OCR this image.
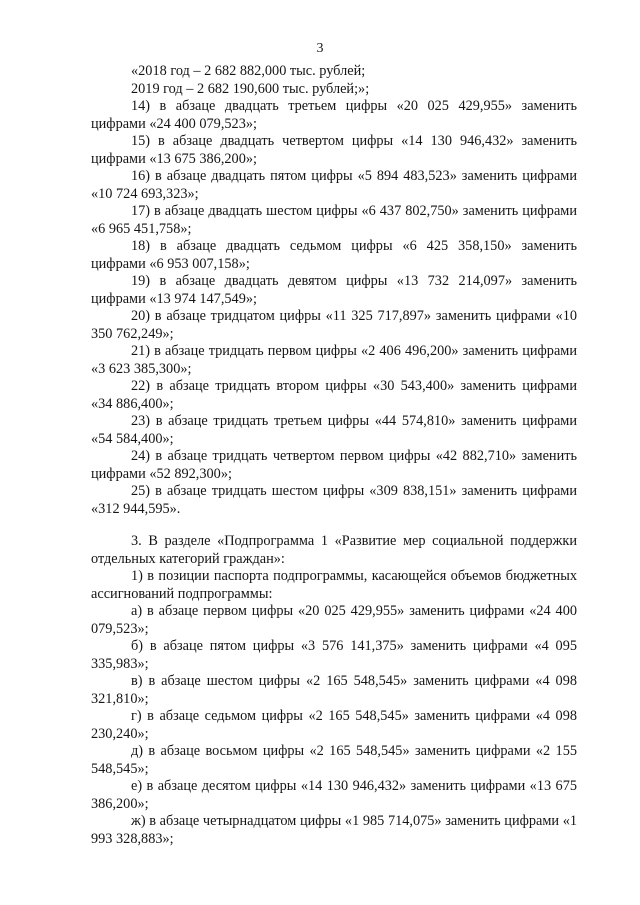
3

«2018 год – 2 682 882,000 тыс. рублей;

2019 год – 2 682 190,600 тыс. рублей;»;

14) в абзаце двадцать третьем цифры «20 025 429,955» заменить цифрами «24 400 079,523»;

15) в абзаце двадцать четвертом цифры «14 130 946,432» заменить цифрами «13 675 386,200»;

16) в абзаце двадцать пятом цифры «5 894 483,523» заменить цифрами «10 724 693,323»;

17) в абзаце двадцать шестом цифры «6 437 802,750» заменить цифрами «6 965 451,758»;

18) в абзаце двадцать седьмом цифры «6 425 358,150» заменить цифрами «6 953 007,158»;

19) в абзаце двадцать девятом цифры «13 732 214,097» заменить цифрами «13 974 147,549»;

20) в абзаце тридцатом цифры «11 325 717,897» заменить цифрами «10 350 762,249»;

21) в абзаце тридцать первом цифры «2 406 496,200» заменить цифрами «3 623 385,300»;

22) в абзаце тридцать втором цифры «30 543,400» заменить цифрами «34 886,400»;

23) в абзаце тридцать третьем цифры «44 574,810» заменить цифрами «54 584,400»;

24) в абзаце тридцать четвертом первом цифры «42 882,710» заменить цифрами «52 892,300»;

25) в абзаце тридцать шестом цифры «309 838,151» заменить цифрами «312 944,595».

3. В разделе «Подпрограмма 1 «Развитие мер социальной поддержки отдельных категорий граждан»:

1) в позиции паспорта подпрограммы, касающейся объемов бюджетных ассигнований подпрограммы:

а) в абзаце первом цифры «20 025 429,955» заменить цифрами «24 400 079,523»;

б) в абзаце пятом цифры «3 576 141,375» заменить цифрами «4 095 335,983»;

в) в абзаце шестом цифры «2 165 548,545» заменить цифрами «4 098 321,810»;

г) в абзаце седьмом цифры «2 165 548,545» заменить цифрами «4 098 230,240»;

д) в абзаце восьмом цифры «2 165 548,545» заменить цифрами «2 155 548,545»;

е) в абзаце десятом цифры «14 130 946,432» заменить цифрами «13 675 386,200»;

ж) в абзаце четырнадцатом цифры «1 985 714,075» заменить цифрами «1 993 328,883»;
